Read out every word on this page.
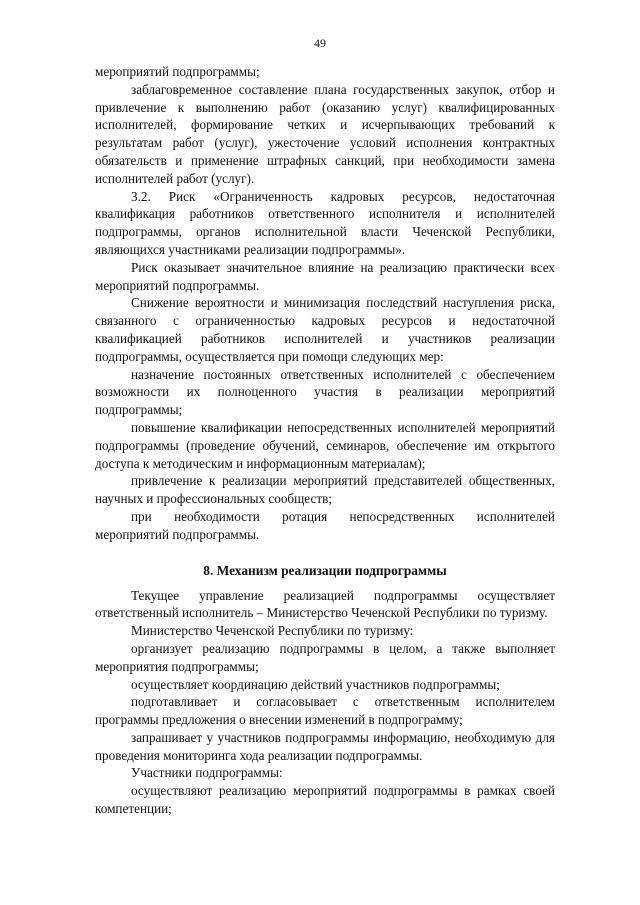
49

мероприятий подпрограммы;

заблаговременное составление плана государственных закупок, отбор и привлечение к выполнению работ (оказанию услуг) квалифицированных исполнителей, формирование четких и исчерпывающих требований к результатам работ (услуг), ужесточение условий исполнения контрактных обязательств и применение штрафных санкций, при необходимости замена исполнителей работ (услуг).

3.2. Риск «Ограниченность кадровых ресурсов, недостаточная квалификация работников ответственного исполнителя и исполнителей подпрограммы, органов исполнительной власти Чеченской Республики, являющихся участниками реализации подпрограммы».

Риск оказывает значительное влияние на реализацию практически всех мероприятий подпрограммы.

Снижение вероятности и минимизация последствий наступления риска, связанного с ограниченностью кадровых ресурсов и недостаточной квалификацией работников исполнителей и участников реализации подпрограммы, осуществляется при помощи следующих мер:

назначение постоянных ответственных исполнителей с обеспечением возможности их полноценного участия в реализации мероприятий подпрограммы;

повышение квалификации непосредственных исполнителей мероприятий подпрограммы (проведение обучений, семинаров, обеспечение им открытого доступа к методическим и информационным материалам);

привлечение к реализации мероприятий представителей общественных, научных и профессиональных сообществ;

при необходимости ротация непосредственных исполнителей мероприятий подпрограммы.

8. Механизм реализации подпрограммы

Текущее управление реализацией подпрограммы осуществляет ответственный исполнитель – Министерство Чеченской Республики по туризму.

Министерство Чеченской Республики по туризму:

организует реализацию подпрограммы в целом, а также выполняет мероприятия подпрограммы;

осуществляет координацию действий участников подпрограммы;

подготавливает и согласовывает с ответственным исполнителем программы предложения о внесении изменений в подпрограмму;

запрашивает у участников подпрограммы информацию, необходимую для проведения мониторинга хода реализации подпрограммы.

Участники подпрограммы:

осуществляют реализацию мероприятий подпрограммы в рамках своей компетенции;
